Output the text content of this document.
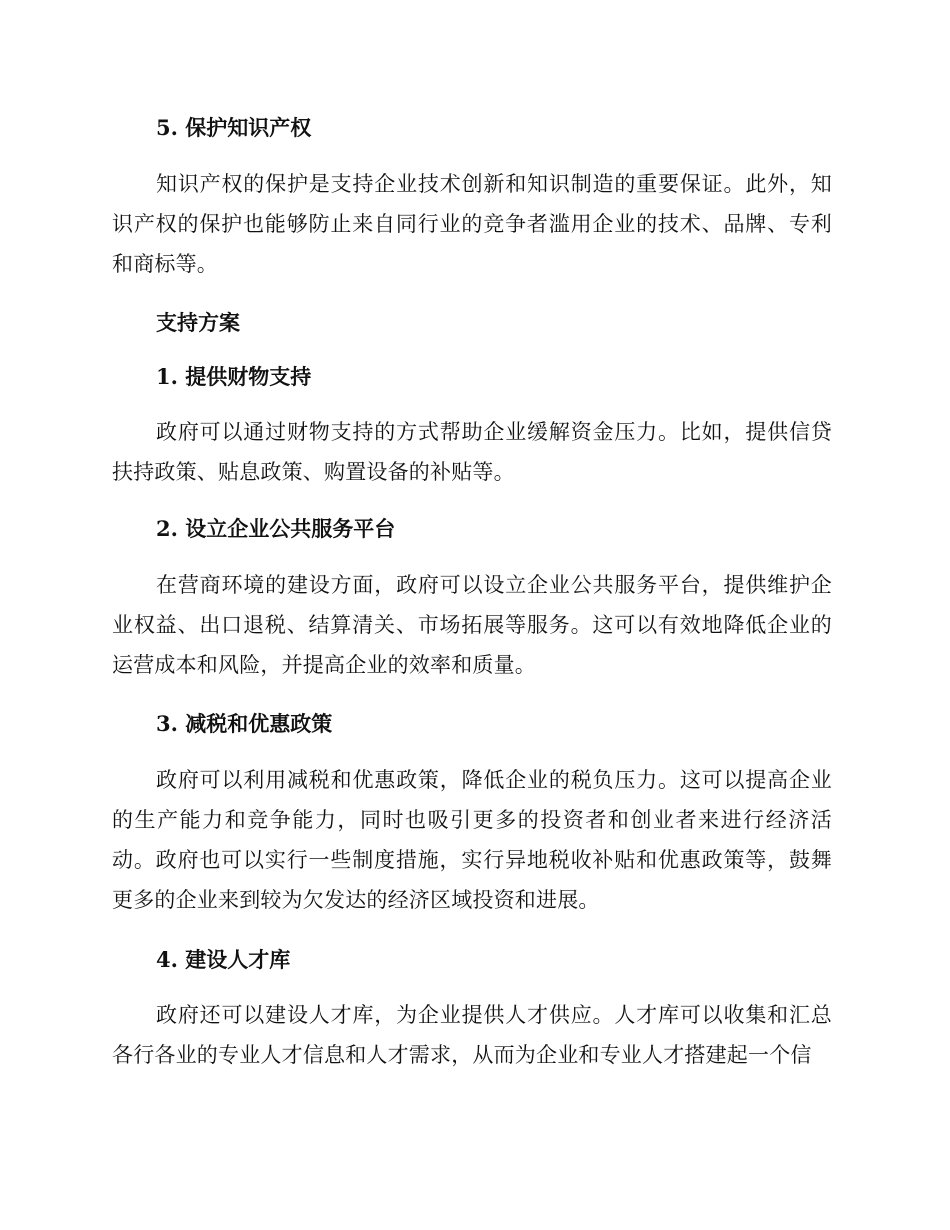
5. 保护知识产权
知识产权的保护是支持企业技术创新和知识制造的重要保证。此外，知识产权的保护也能够防止来自同行业的竞争者滥用企业的技术、品牌、专利和商标等。
支持方案
1. 提供财物支持
政府可以通过财物支持的方式帮助企业缓解资金压力。比如，提供信贷扶持政策、贴息政策、购置设备的补贴等。
2. 设立企业公共服务平台
在营商环境的建设方面，政府可以设立企业公共服务平台，提供维护企业权益、出口退税、结算清关、市场拓展等服务。这可以有效地降低企业的运营成本和风险，并提高企业的效率和质量。
3. 减税和优惠政策
政府可以利用减税和优惠政策，降低企业的税负压力。这可以提高企业的生产能力和竞争能力，同时也吸引更多的投资者和创业者来进行经济活动。政府也可以实行一些制度措施，实行异地税收补贴和优惠政策等，鼓舞更多的企业来到较为欠发达的经济区域投资和进展。
4. 建设人才库
政府还可以建设人才库，为企业提供人才供应。人才库可以收集和汇总各行各业的专业人才信息和人才需求，从而为企业和专业人才搭建起一个信
